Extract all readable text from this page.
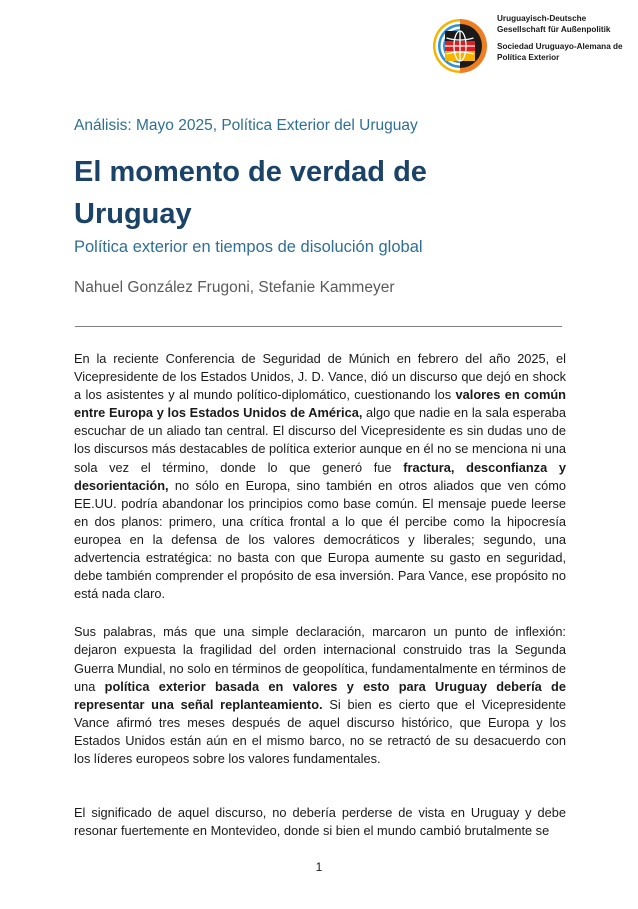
Uruguayisch-Deutsche
Gesellschaft für Außenpolitik
Sociedad Uruguayo-Alemana de
Política Exterior
Análisis: Mayo 2025, Política Exterior del Uruguay
El momento de verdad de Uruguay
Política exterior en tiempos de disolución global
Nahuel González Frugoni, Stefanie Kammeyer

En la reciente Conferencia de Seguridad de Múnich en febrero del año 2025, el Vicepresidente de los Estados Unidos, J. D. Vance, dió un discurso que dejó en shock a los asistentes y al mundo político-diplomático, cuestionando los valores en común entre Europa y los Estados Unidos de América, algo que nadie en la sala esperaba escuchar de un aliado tan central. El discurso del Vicepresidente es sin dudas uno de los discursos más destacables de política exterior aunque en él no se menciona ni una sola vez el término, donde lo que generó fue fractura, desconfianza y desorientación, no sólo en Europa, sino también en otros aliados que ven cómo EE.UU. podría abandonar los principios como base común. El mensaje puede leerse en dos planos: primero, una crítica frontal a lo que él percibe como la hipocresía europea en la defensa de los valores democráticos y liberales; segundo, una advertencia estratégica: no basta con que Europa aumente su gasto en seguridad, debe también comprender el propósito de esa inversión. Para Vance, ese propósito no está nada claro.

Sus palabras, más que una simple declaración, marcaron un punto de inflexión: dejaron expuesta la fragilidad del orden internacional construido tras la Segunda Guerra Mundial, no solo en términos de geopolítica, fundamentalmente en términos de una política exterior basada en valores y esto para Uruguay debería de representar una señal replanteamiento. Si bien es cierto que el Vicepresidente Vance afirmó tres meses después de aquel discurso histórico, que Europa y los Estados Unidos están aún en el mismo barco, no se retractó de su desacuerdo con los líderes europeos sobre los valores fundamentales.

El significado de aquel discurso, no debería perderse de vista en Uruguay y debe resonar fuertemente en Montevideo, donde si bien el mundo cambió brutalmente se

1
